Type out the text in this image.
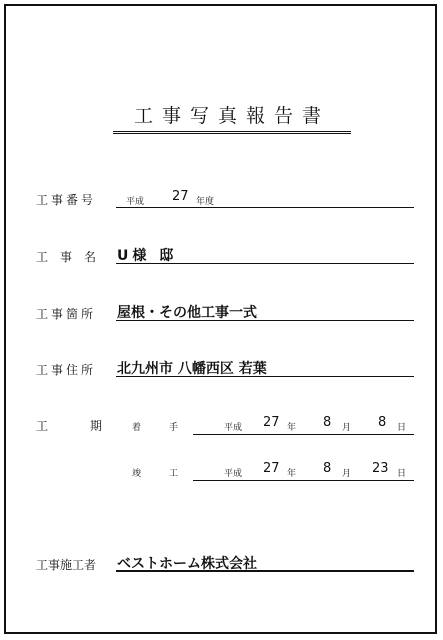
工事写真報告書
工事番号	平成 27 年度
工事名 U様 邸
工事箇所 屋根・その他工事一式
工事住所 北九州市 八幡西区 若葉
工期
着手 平成 27 年 8 月 8 日
竣工 平成 27 年 8 月 23 日
工事施工者 ベストホーム株式会社
